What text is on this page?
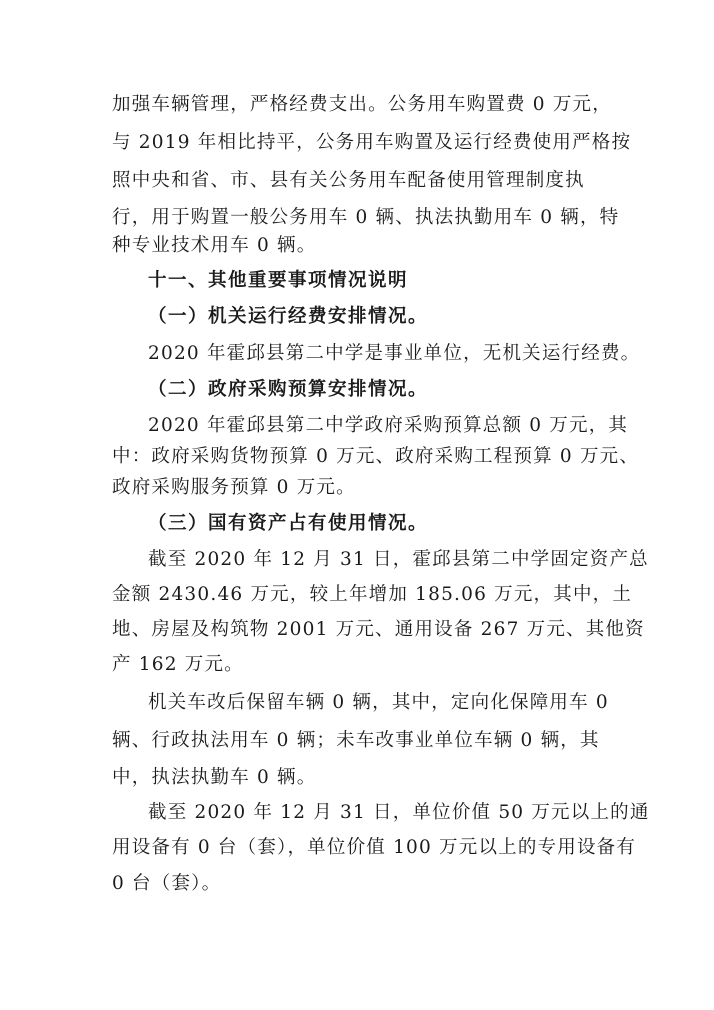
加强车辆管理，严格经费支出。公务用车购置费 0 万元，
与 2019 年相比持平，公务用车购置及运行经费使用严格按
照中央和省、市、县有关公务用车配备使用管理制度执
行，用于购置一般公务用车 0 辆、执法执勤用车 0 辆，特
种专业技术用车 0 辆。
十一、其他重要事项情况说明
（一）机关运行经费安排情况。
2020 年霍邱县第二中学是事业单位，无机关运行经费。
（二）政府采购预算安排情况。
2020 年霍邱县第二中学政府采购预算总额 0 万元，其
中：政府采购货物预算 0 万元、政府采购工程预算 0 万元、
政府采购服务预算 0 万元。
（三）国有资产占有使用情况。
截至 2020 年 12 月 31 日，霍邱县第二中学固定资产总
金额 2430.46 万元，较上年增加 185.06 万元，其中，土
地、房屋及构筑物 2001 万元、通用设备 267 万元、其他资
产 162 万元。
机关车改后保留车辆 0 辆，其中，定向化保障用车 0
辆、行政执法用车 0 辆；未车改事业单位车辆 0 辆，其
中，执法执勤车 0 辆。
截至 2020 年 12 月 31 日，单位价值 50 万元以上的通
用设备有 0 台（套），单位价值 100 万元以上的专用设备有
0 台（套）。
